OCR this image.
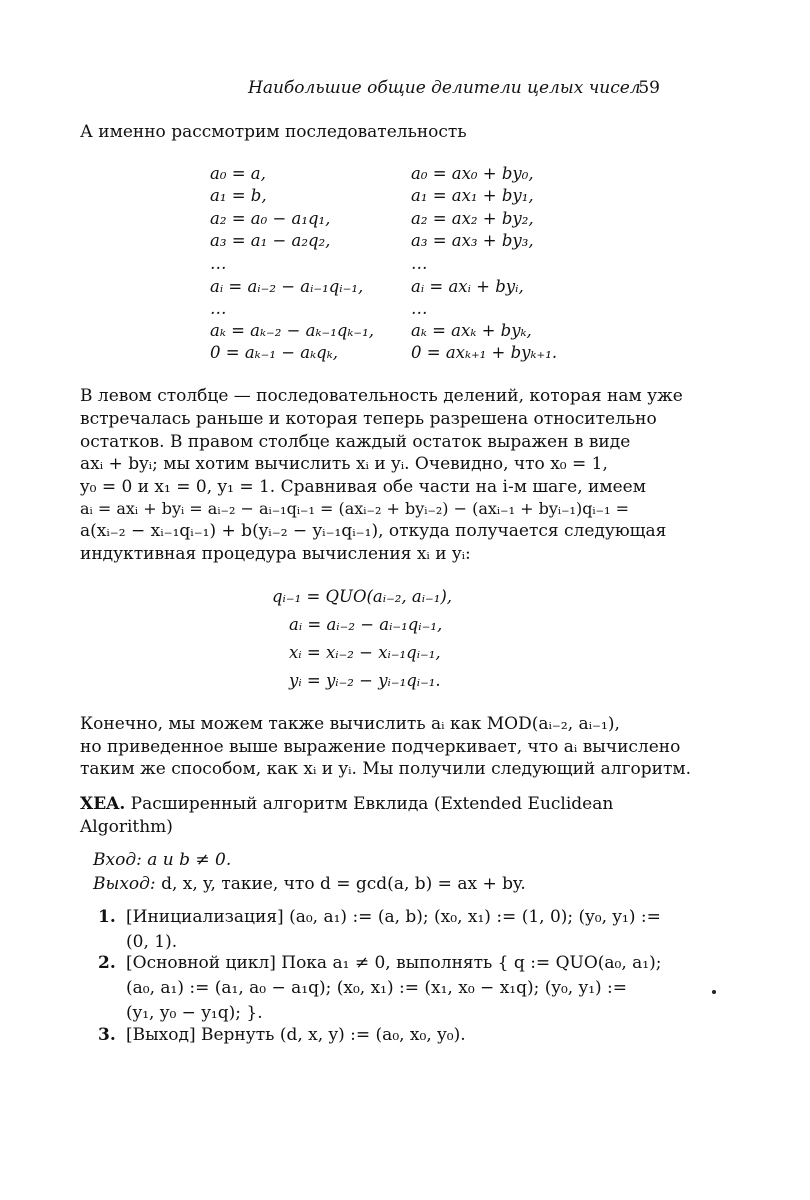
Наибольшие общие делители целых чисел
59
А именно рассмотрим последовательность
a₀ = a,
a₁ = b,
a₂ = a₀ − a₁q₁,
a₃ = a₁ − a₂q₂,
…
aᵢ = aᵢ₋₂ − aᵢ₋₁qᵢ₋₁,
…
aₖ = aₖ₋₂ − aₖ₋₁qₖ₋₁,
0 = aₖ₋₁ − aₖqₖ,
a₀ = ax₀ + by₀,
a₁ = ax₁ + by₁,
a₂ = ax₂ + by₂,
a₃ = ax₃ + by₃,
…
aᵢ = axᵢ + byᵢ,
…
aₖ = axₖ + byₖ,
0 = axₖ₊₁ + byₖ₊₁.
В левом столбце — последовательность делений, которая нам уже
встречалась раньше и которая теперь разрешена относительно
остатков. В правом столбце каждый остаток выражен в виде
axᵢ + byᵢ; мы хотим вычислить xᵢ и yᵢ. Очевидно, что x₀ = 1,
y₀ = 0 и x₁ = 0, y₁ = 1. Сравнивая обе части на i-м шаге, имеем
aᵢ = axᵢ + byᵢ = aᵢ₋₂ − aᵢ₋₁qᵢ₋₁ = (axᵢ₋₂ + byᵢ₋₂) − (axᵢ₋₁ + byᵢ₋₁)qᵢ₋₁ =
a(xᵢ₋₂ − xᵢ₋₁qᵢ₋₁) + b(yᵢ₋₂ − yᵢ₋₁qᵢ₋₁), откуда получается следующая
индуктивная процедура вычисления xᵢ и yᵢ:
qᵢ₋₁ = QUO(aᵢ₋₂, aᵢ₋₁),
aᵢ = aᵢ₋₂ − aᵢ₋₁qᵢ₋₁,
xᵢ = xᵢ₋₂ − xᵢ₋₁qᵢ₋₁,
yᵢ = yᵢ₋₂ − yᵢ₋₁qᵢ₋₁.
Конечно, мы можем также вычислить aᵢ как MOD(aᵢ₋₂, aᵢ₋₁),
но приведенное выше выражение подчеркивает, что aᵢ вычислено
таким же способом, как xᵢ и yᵢ. Мы получили следующий алгоритм.
XEA. Расширенный алгоритм Евклида (Extended Euclidean
Algorithm)
Вход: a и b ≠ 0.
Выход: d, x, y, такие, что d = gcd(a, b) = ax + by.
1. [Инициализация] (a₀, a₁) := (a, b); (x₀, x₁) := (1, 0); (y₀, y₁) :=
(0, 1).
2. [Основной цикл] Пока a₁ ≠ 0, выполнять { q := QUO(a₀, a₁);
(a₀, a₁) := (a₁, a₀ − a₁q); (x₀, x₁) := (x₁, x₀ − x₁q); (y₀, y₁) :=
(y₁, y₀ − y₁q); }.
3. [Выход] Вернуть (d, x, y) := (a₀, x₀, y₀).
